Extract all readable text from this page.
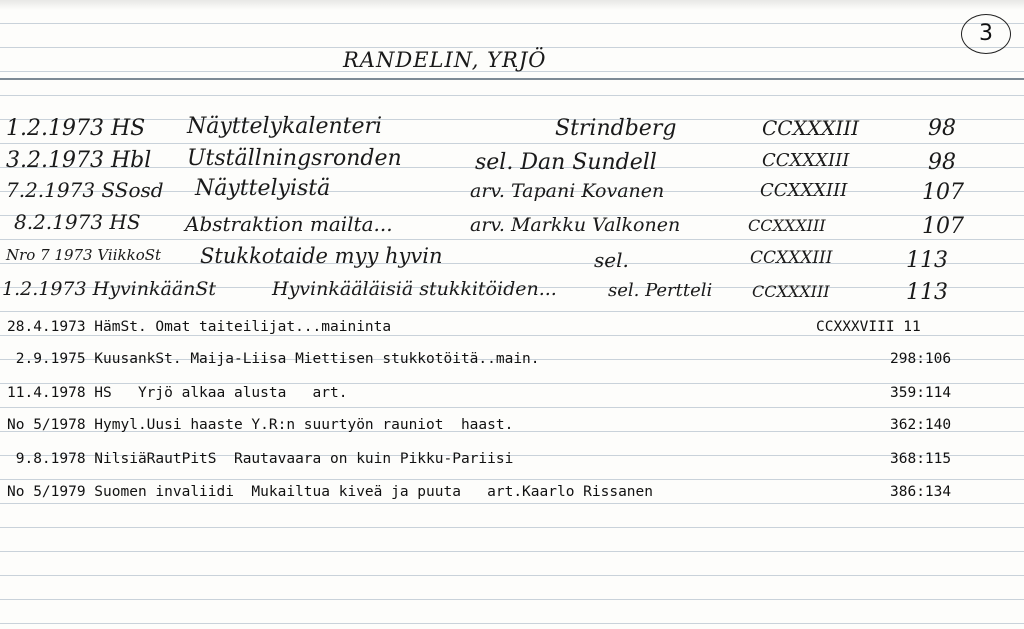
3
RANDELIN, YRJÖ
1.2.1973 HS Näyttelykalenteri	Strindberg	CCXXXIII	98
3.2.1973 Hbl Utställningsronden	sel. Dan Sundell	CCXXXIII	98
7.2.1973 SSosd Näyttelyistä	arv. Tapani Kovanen	CCXXXIII	107
8.2.1973 HS Abstraktion mailta...	arv. Markku Valkonen	CCXXXIII	107
Nro 7 1973 ViikkoSt Stukkotaide myy hyvin	sel.	CCXXXIII	113
1.2.1973 HyvinkäänSt	Hyvinkääläisiä stukkitöiden...	sel. Pertteli CCXXXIII	113
28.4.1973 HämSt. Omat taiteilijat...maininta	CCXXXVIII 11
2.9.1975 KuusankSt. Maija-Liisa Miettisen stukkotöitä..main.	298:106
11.4.1978 HS   Yrjö alkaa alusta   art.	359:114
No 5/1978 Hymyl.Uusi haaste Y.R:n suurtyön rauniot  haast.	362:140
9.8.1978 NilsiäRautPitS  Rautavaara on kuin Pikku-Pariisi	368:115
No 5/1979 Suomen invaliidi  Mukailtua kiveä ja puuta   art.Kaarlo Rissanen	386:134
